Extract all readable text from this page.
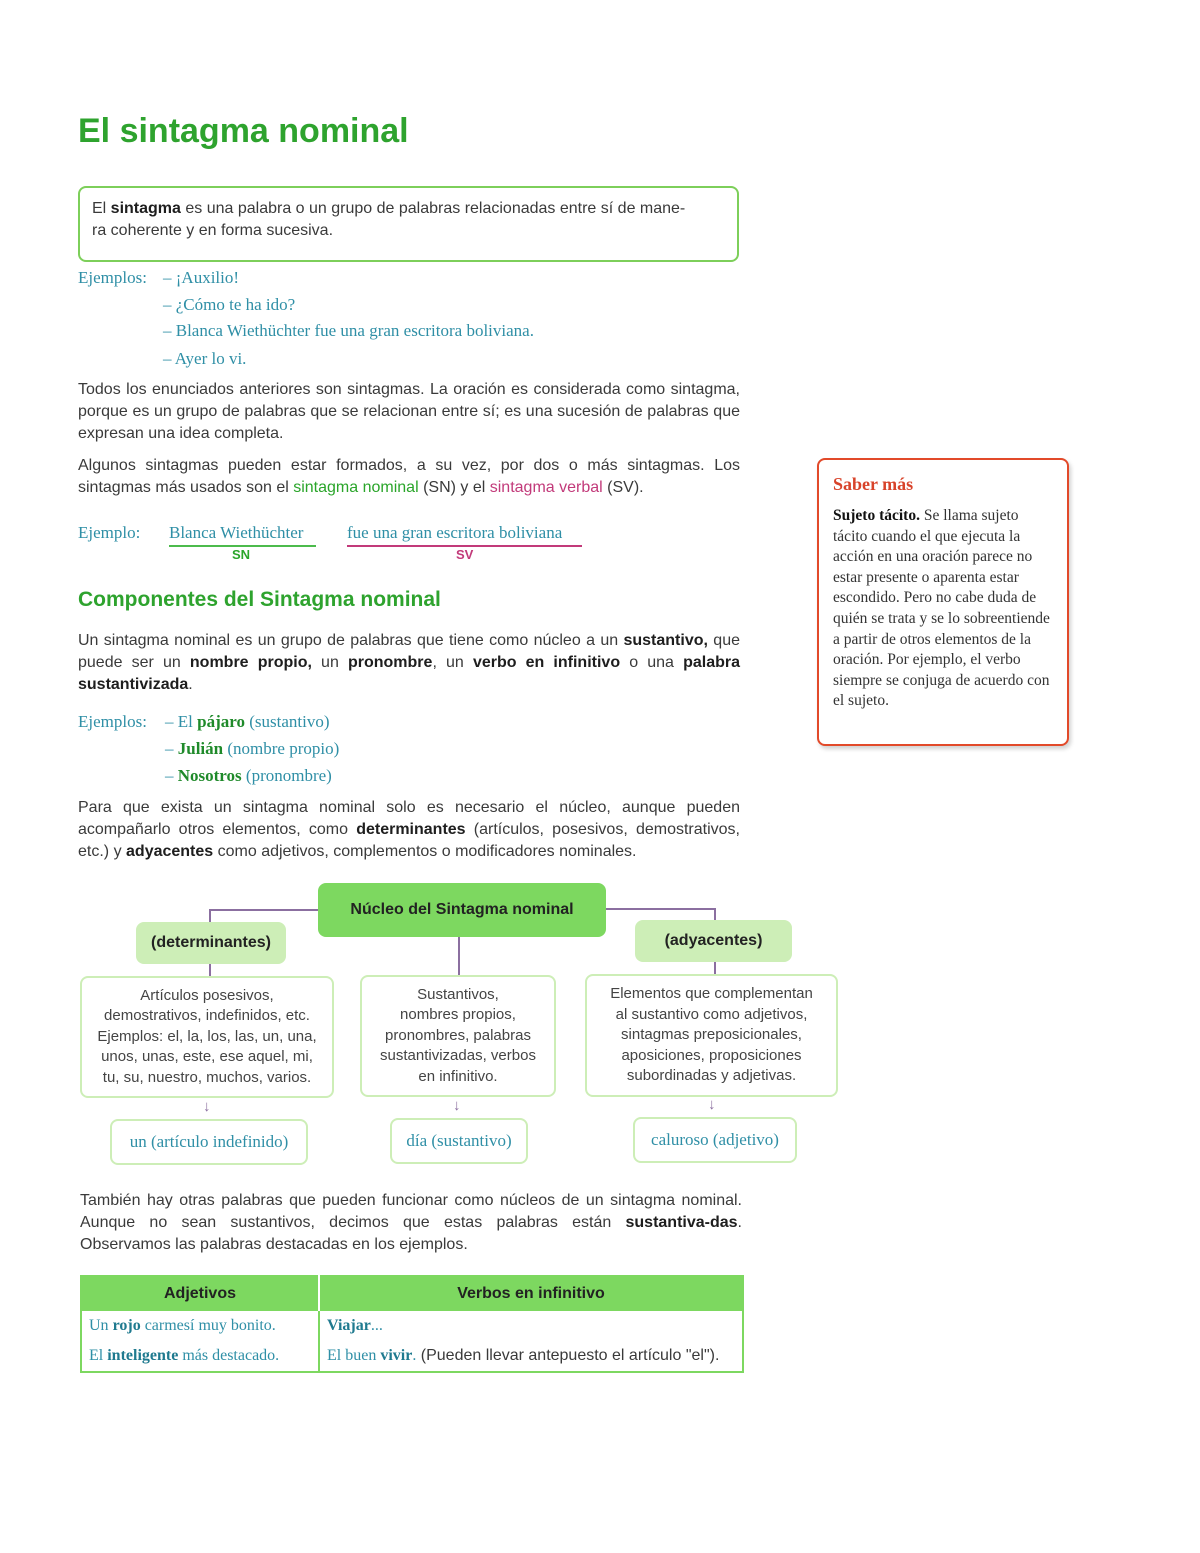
El sintagma nominal
El sintagma es una palabra o un grupo de palabras relacionadas entre sí de mane-
ra coherente y en forma sucesiva.
Ejemplos: – ¡Auxilio!
– ¿Cómo te ha ido?
– Blanca Wiethüchter fue una gran escritora boliviana.
– Ayer lo vi.
Todos los enunciados anteriores son sintagmas. La oración es considerada como sintagma, porque es un grupo de palabras que se relacionan entre sí; es una sucesión de palabras que expresan una idea completa.
Algunos sintagmas pueden estar formados, a su vez, por dos o más sintagmas. Los sintagmas más usados son el sintagma nominal (SN) y el sintagma verbal (SV).
Ejemplo: Blanca Wiethüchter
SN
fue una gran escritora boliviana
SV
Componentes del Sintagma nominal
Un sintagma nominal es un grupo de palabras que tiene como núcleo a un sustantivo, que puede ser un nombre propio, un pronombre, un verbo en infinitivo o una palabra sustantivizada.
Ejemplos: – El pájaro (sustantivo)
– Julián (nombre propio)
– Nosotros (pronombre)
Para que exista un sintagma nominal solo es necesario el núcleo, aunque pueden acompañarlo otros elementos, como determinantes (artículos, posesivos, demostrativos, etc.) y adyacentes como adjetivos, complementos o modificadores nominales.
Núcleo del Sintagma nominal
(determinantes)	(adyacentes)
Artículos posesivos,
demostrativos, indefinidos, etc.
Ejemplos: el, la, los, las, un, una,
unos, unas, este, ese aquel, mi,
tu, su, nuestro, muchos, varios.
Sustantivos,
nombres propios,
pronombres, palabras
sustantivizadas, verbos
en infinitivo.
Elementos que complementan
al sustantivo como adjetivos,
sintagmas preposicionales,
aposiciones, proposiciones
subordinadas y adjetivas.
↓	↓	↓
un (artículo indefinido)	día (sustantivo)	caluroso (adjetivo)
También hay otras palabras que pueden funcionar como núcleos de un sintagma nominal. Aunque no sean sustantivos, decimos que estas palabras están sustantiva-das. Observamos las palabras destacadas en los ejemplos.
Adjetivos	Verbos en infinitivo
Un rojo carmesí muy bonito.	Viajar...
El inteligente más destacado.	El buen vivir. (Pueden llevar antepuesto el artículo "el").
Saber más
Sujeto tácito. Se llama sujeto tácito cuando el que ejecuta la acción en una oración parece no estar presente o aparenta estar escondido. Pero no cabe duda de quién se trata y se lo sobreentiende a partir de otros elementos de la oración. Por ejemplo, el verbo siempre se conjuga de acuerdo con el sujeto.
